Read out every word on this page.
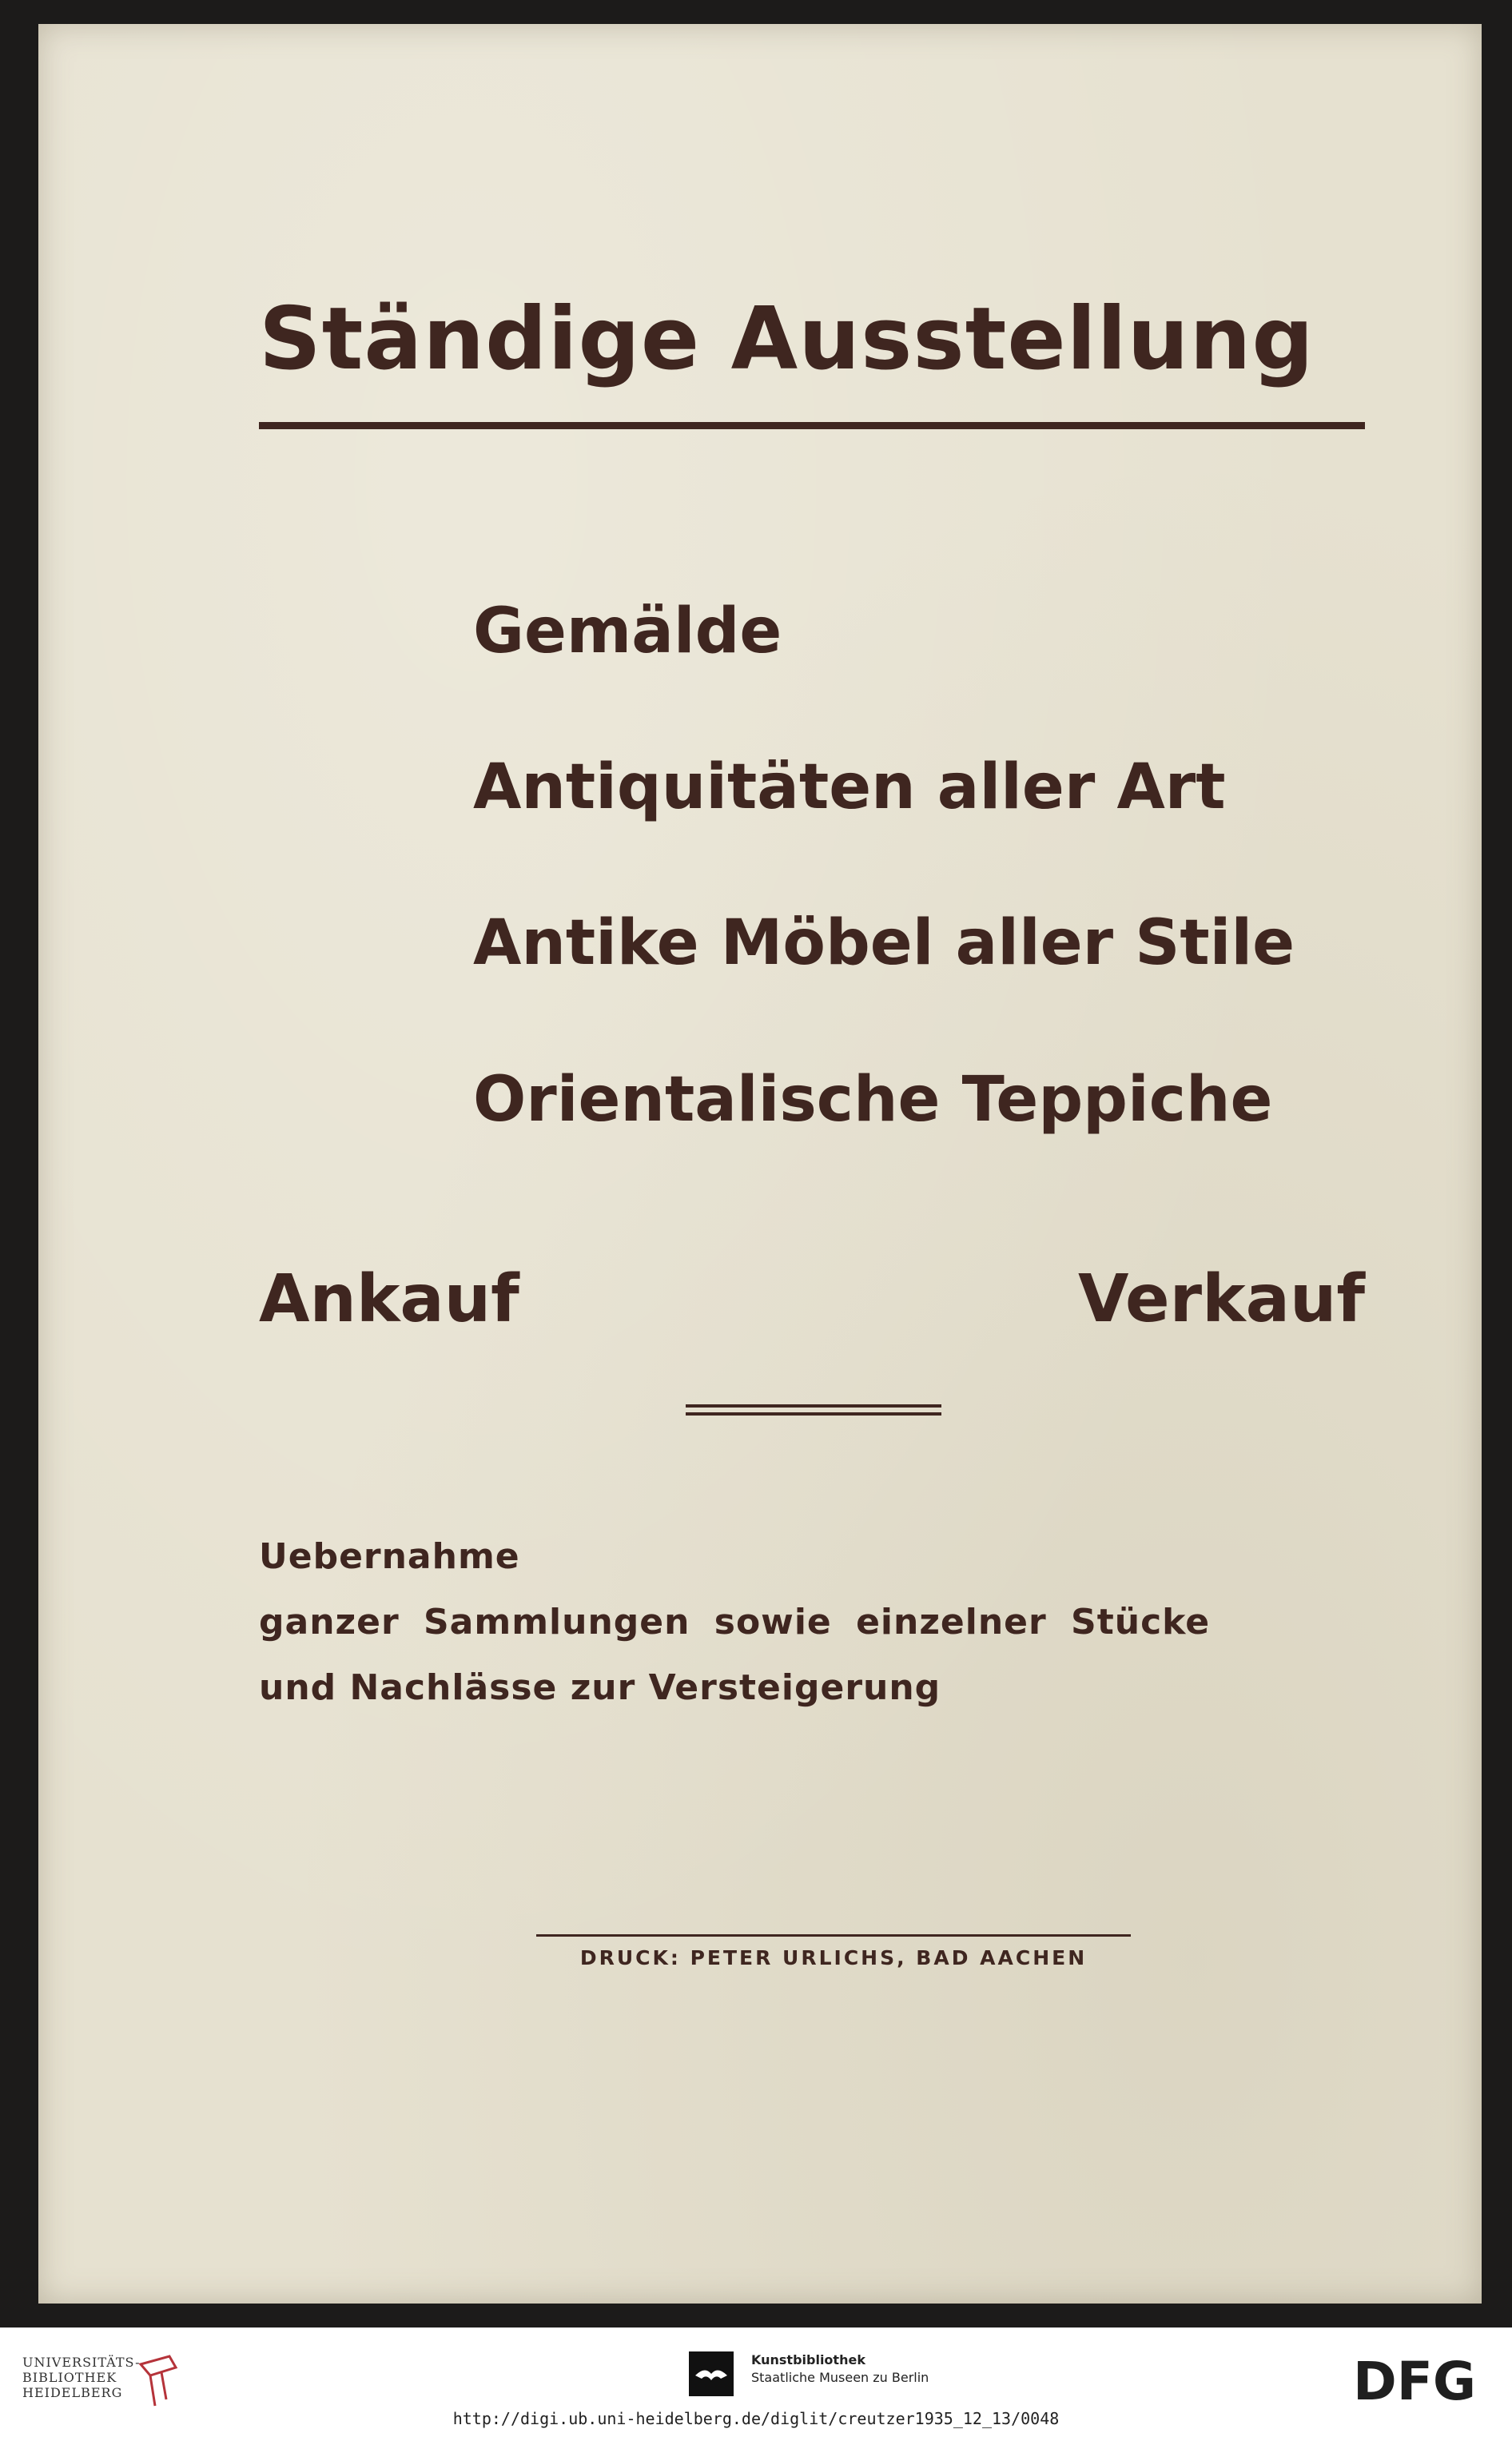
Ständige Ausstellung
Gemälde
Antiquitäten aller Art
Antike Möbel aller Stile
Orientalische Teppiche
Ankauf	Verkauf
Uebernahme
ganzer Sammlungen sowie einzelner Stücke
und Nachlässe zur Versteigerung
DRUCK: PETER URLICHS, BAD AACHEN
UNIVERSITÄTS-
BIBLIOTHEK
HEIDELBERG
Kunstbibliothek
Staatliche Museen zu Berlin	DFG
http://digi.ub.uni-heidelberg.de/diglit/creutzer1935_12_13/0048
